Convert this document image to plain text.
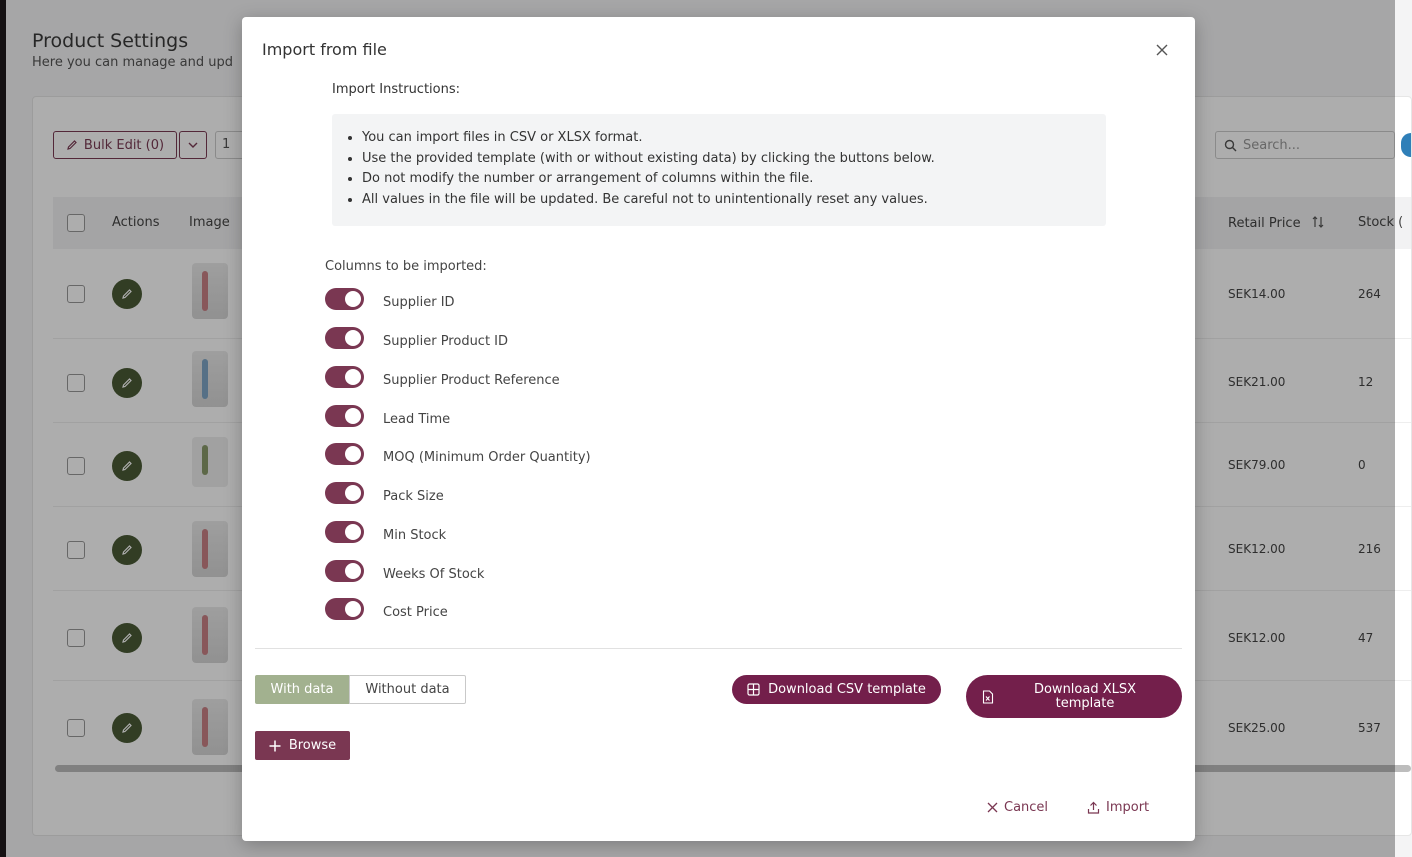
Product Settings
Here you can manage and upd
Bulk Edit (0)	1	Search...
Actions Image	Retail Price	Stock (
SEK14.00	264
SEK21.00	12
SEK79.00	0
SEK12.00	216
SEK12.00	47
SEK25.00	537
Import from file
Import Instructions:
• You can import files in CSV or XLSX format.
• Use the provided template (with or without existing data) by clicking the buttons below.
• Do not modify the number or arrangement of columns within the file.
• All values in the file will be updated. Be careful not to unintentionally reset any values.
Columns to be imported:
Supplier ID
Supplier Product ID
Supplier Product Reference
Lead Time
MOQ (Minimum Order Quantity)
Pack Size
Min Stock
Weeks Of Stock
Cost Price
With data	Without data	Download CSV template	Download XLSX template
Browse
Cancel	Import
